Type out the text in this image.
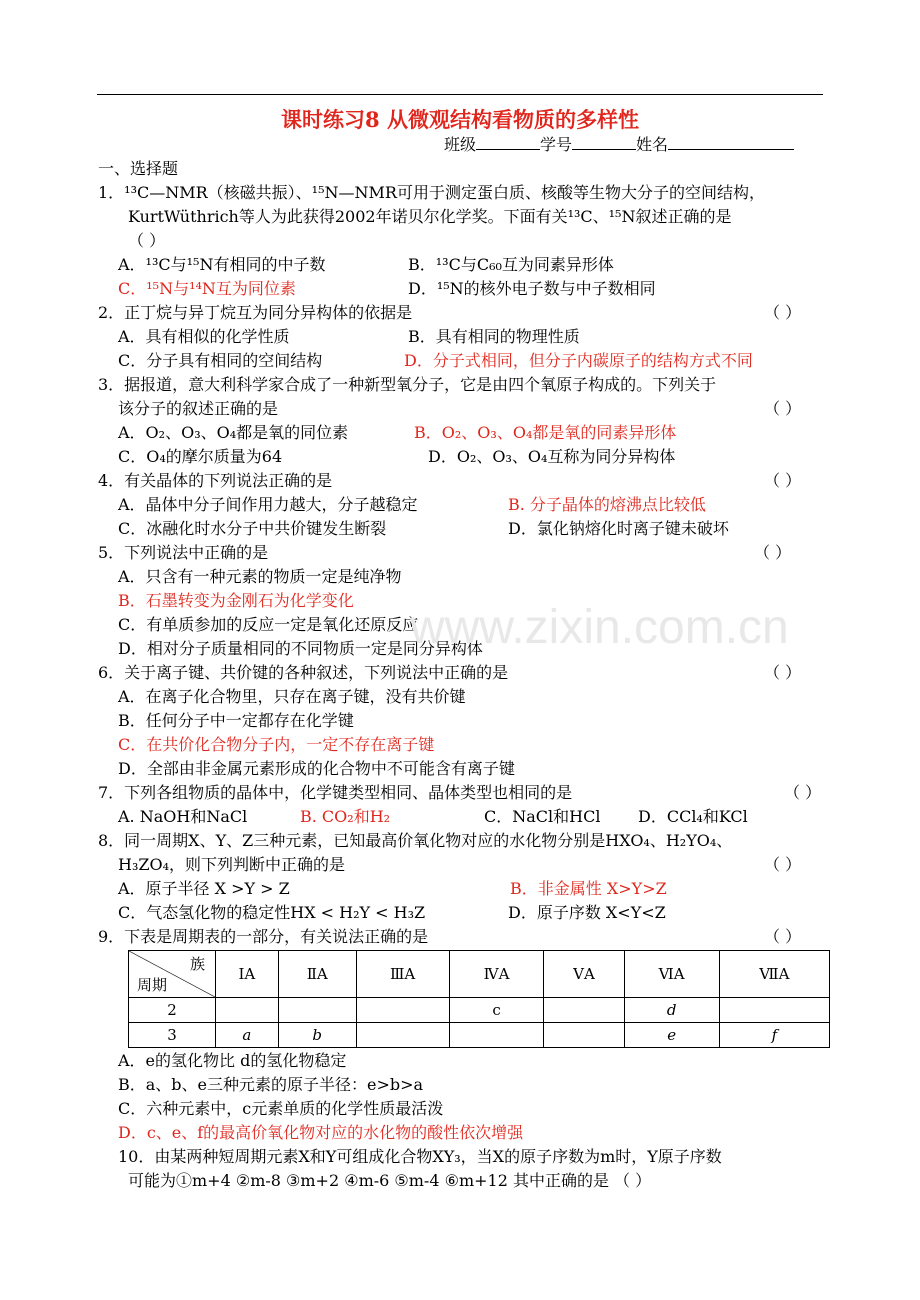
课时练习8 从微观结构看物质的多样性
班级	学号	姓名
一、选择题
1．¹³C—NMR（核磁共振）、¹⁵N—NMR可用于测定蛋白质、核酸等生物大分子的空间结构，
KurtWüthrich等人为此获得2002年诺贝尔化学奖。下面有关¹³C、¹⁵N叙述正确的是
（ ）
A．¹³C与¹⁵N有相同的中子数	B．¹³C与C₆₀互为同素异形体
C．¹⁵N与¹⁴N互为同位素	D．¹⁵N的核外电子数与中子数相同
2．正丁烷与异丁烷互为同分异构体的依据是	（ ）
A．具有相似的化学性质	B．具有相同的物理性质
C．分子具有相同的空间结构	D．分子式相同，但分子内碳原子的结构方式不同
3．据报道，意大利科学家合成了一种新型氧分子，它是由四个氧原子构成的。下列关于
该分子的叙述正确的是	（ ）
A．O₂、O₃、O₄都是氧的同位素	B．O₂、O₃、O₄都是氧的同素异形体
C．O₄的摩尔质量为64	D．O₂、O₃、O₄互称为同分异构体
4．有关晶体的下列说法正确的是	（ ）
A．晶体中分子间作用力越大，分子越稳定	B. 分子晶体的熔沸点比较低
C．冰融化时水分子中共价键发生断裂	D．氯化钠熔化时离子键未破坏
5．下列说法中正确的是	（ ）
A．只含有一种元素的物质一定是纯净物
B．石墨转变为金刚石为化学变化
C．有单质参加的反应一定是氧化还原反应
D．相对分子质量相同的不同物质一定是同分异构体
www.zixin.com.cn
6．关于离子键、共价键的各种叙述，下列说法中正确的是	（ ）
A．在离子化合物里，只存在离子键，没有共价键
B．任何分子中一定都存在化学键
C．在共价化合物分子内，一定不存在离子键
D．全部由非金属元素形成的化合物中不可能含有离子键
7．下列各组物质的晶体中，化学键类型相同、晶体类型也相同的是	（ ）
A. NaOH和NaCl	B. CO₂和H₂	C．NaCl和HCl D．CCl₄和KCl
8．同一周期X、Y、Z三种元素，已知最高价氧化物对应的水化物分别是HXO₄、H₂YO₄、
H₃ZO₄，则下列判断中正确的是	（ ）
A．原子半径 X >Y > Z	B．非金属性 X>Y>Z
C．气态氢化物的稳定性HX < H₂Y < H₃Z	D．原子序数 X<Y<Z
9．下表是周期表的一部分，有关说法正确的是	（ ）
族
周期	ⅠA	ⅡA	ⅢA	ⅣA	ⅤA	ⅥA	ⅦA
2				c		d	
3	a	b				e	f
A．e的氢化物比 d的氢化物稳定
B．a、b、e三种元素的原子半径：e>b>a
C．六种元素中，c元素单质的化学性质最活泼
D．c、e、f的最高价氧化物对应的水化物的酸性依次增强
10．由某两种短周期元素X和Y可组成化合物XY₃，当X的原子序数为m时，Y原子序数
可能为①m+4 ②m-8 ③m+2 ④m-6 ⑤m-4 ⑥m+12 其中正确的是 （ ）
